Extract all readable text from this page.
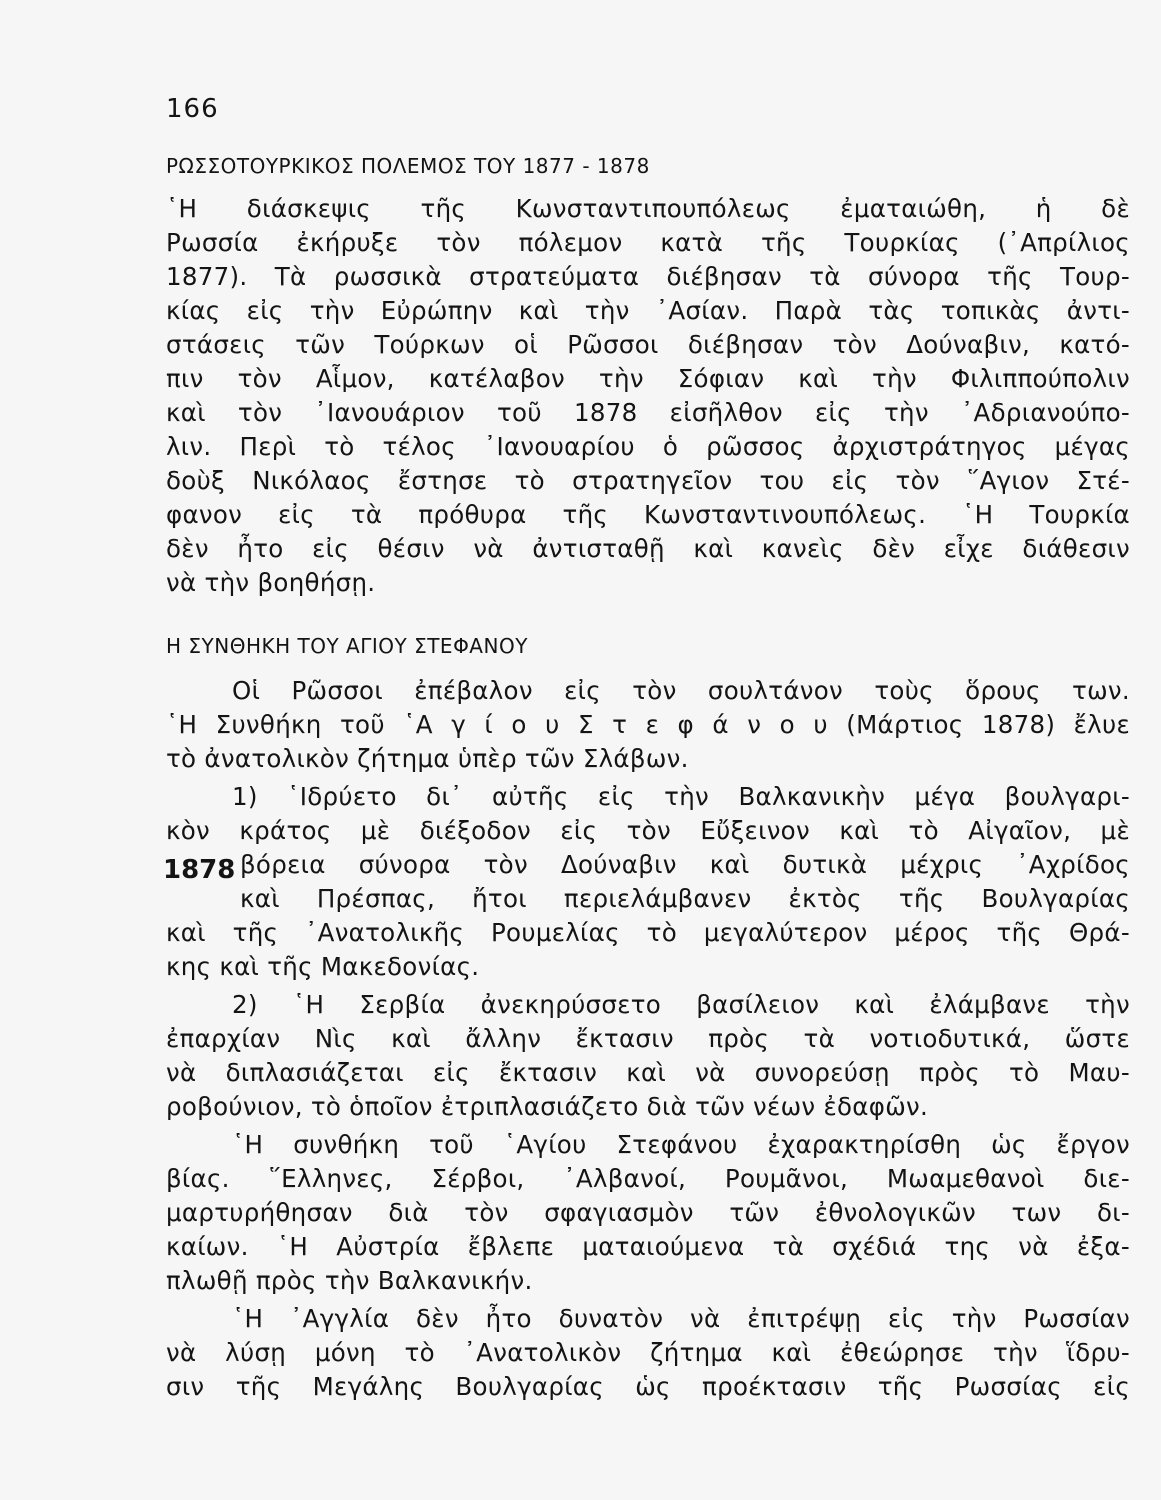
166
ΡΩΣΣΟΤΟΥΡΚΙΚΟΣ ΠΟΛΕΜΟΣ ΤΟΥ 1877 - 1878
῾Η διάσκεψις τῆς Κωνσταντιπουπόλεως ἐματαιώθη, ἡ δὲ
Ρωσσία ἐκήρυξε τὸν πόλεμον κατὰ τῆς Τουρκίας (᾿Απρίλιος
1877). Τὰ ρωσσικὰ στρατεύματα διέβησαν τὰ σύνορα τῆς Τουρ-
κίας εἰς τὴν Εὐρώπην καὶ τὴν ᾿Ασίαν. Παρὰ τὰς τοπικὰς ἀντι-
στάσεις τῶν Τούρκων οἱ Ρῶσσοι διέβησαν τὸν Δούναβιν, κατό-
πιν τὸν Αἷμον, κατέλαβον τὴν Σόφιαν καὶ τὴν Φιλιππούπολιν
καὶ τὸν ᾿Ιανουάριον τοῦ 1878 εἰσῆλθον εἰς τὴν ᾿Αδριανούπο-
λιν. Περὶ τὸ τέλος ᾿Ιανουαρίου ὁ ρῶσσος ἀρχιστράτηγος μέγας
δοὺξ Νικόλαος ἔστησε τὸ στρατηγεῖον του εἰς τὸν ῞Αγιον Στέ-
φανον εἰς τὰ πρόθυρα τῆς Κωνσταντινουπόλεως. ῾Η Τουρκία
δὲν ἦτο εἰς θέσιν νὰ ἀντισταθῇ καὶ κανεὶς δὲν εἶχε διάθεσιν
νὰ τὴν βοηθήσῃ.
Η ΣΥΝΘΗΚΗ ΤΟΥ ΑΓΙΟΥ ΣΤΕΦΑΝΟΥ
Οἱ Ρῶσσοι ἐπέβαλον εἰς τὸν σουλτάνον τοὺς ὅρους των.
῾Η Συνθήκη τοῦ ῾Α γ ί ο υ Σ τ ε φ ά ν ο υ (Μάρτιος 1878) ἔλυε
τὸ ἀνατολικὸν ζήτημα ὑπὲρ τῶν Σλάβων.
1) ῾Ιδρύετο δι᾿ αὐτῆς εἰς τὴν Βαλκανικὴν μέγα βουλγαρι-
κὸν κράτος μὲ διέξοδον εἰς τὸν Εὔξεινον καὶ τὸ Αἰγαῖον, μὲ
1878 βόρεια σύνορα τὸν Δούναβιν καὶ δυτικὰ μέχρις ᾿Αχρίδος
καὶ Πρέσπας, ἤτοι περιελάμβανεν ἐκτὸς τῆς Βουλγαρίας
καὶ τῆς ᾿Ανατολικῆς Ρουμελίας τὸ μεγαλύτερον μέρος τῆς Θρά-
κης καὶ τῆς Μακεδονίας.
2) ῾Η Σερβία ἀνεκηρύσσετο βασίλειον καὶ ἐλάμβανε τὴν
ἐπαρχίαν Νὶς καὶ ἄλλην ἔκτασιν πρὸς τὰ νοτιοδυτικά, ὥστε
νὰ διπλασιάζεται εἰς ἔκτασιν καὶ νὰ συνορεύσῃ πρὸς τὸ Μαυ-
ροβούνιον, τὸ ὁποῖον ἐτριπλασιάζετο διὰ τῶν νέων ἐδαφῶν.
῾Η συνθήκη τοῦ ῾Αγίου Στεφάνου ἐχαρακτηρίσθη ὡς ἔργον
βίας. ῞Ελληνες, Σέρβοι, ᾿Αλβανοί, Ρουμᾶνοι, Μωαμεθανοὶ διε-
μαρτυρήθησαν διὰ τὸν σφαγιασμὸν τῶν ἐθνολογικῶν των δι-
καίων. ῾Η Αὐστρία ἔβλεπε ματαιούμενα τὰ σχέδιά της νὰ ἐξα-
πλωθῇ πρὸς τὴν Βαλκανικήν.
῾Η ᾿Αγγλία δὲν ἦτο δυνατὸν νὰ ἐπιτρέψῃ εἰς τὴν Ρωσσίαν
νὰ λύσῃ μόνη τὸ ᾿Ανατολικὸν ζήτημα καὶ ἐθεώρησε τὴν ἵδρυ-
σιν τῆς Μεγάλης Βουλγαρίας ὡς προέκτασιν τῆς Ρωσσίας εἰς
